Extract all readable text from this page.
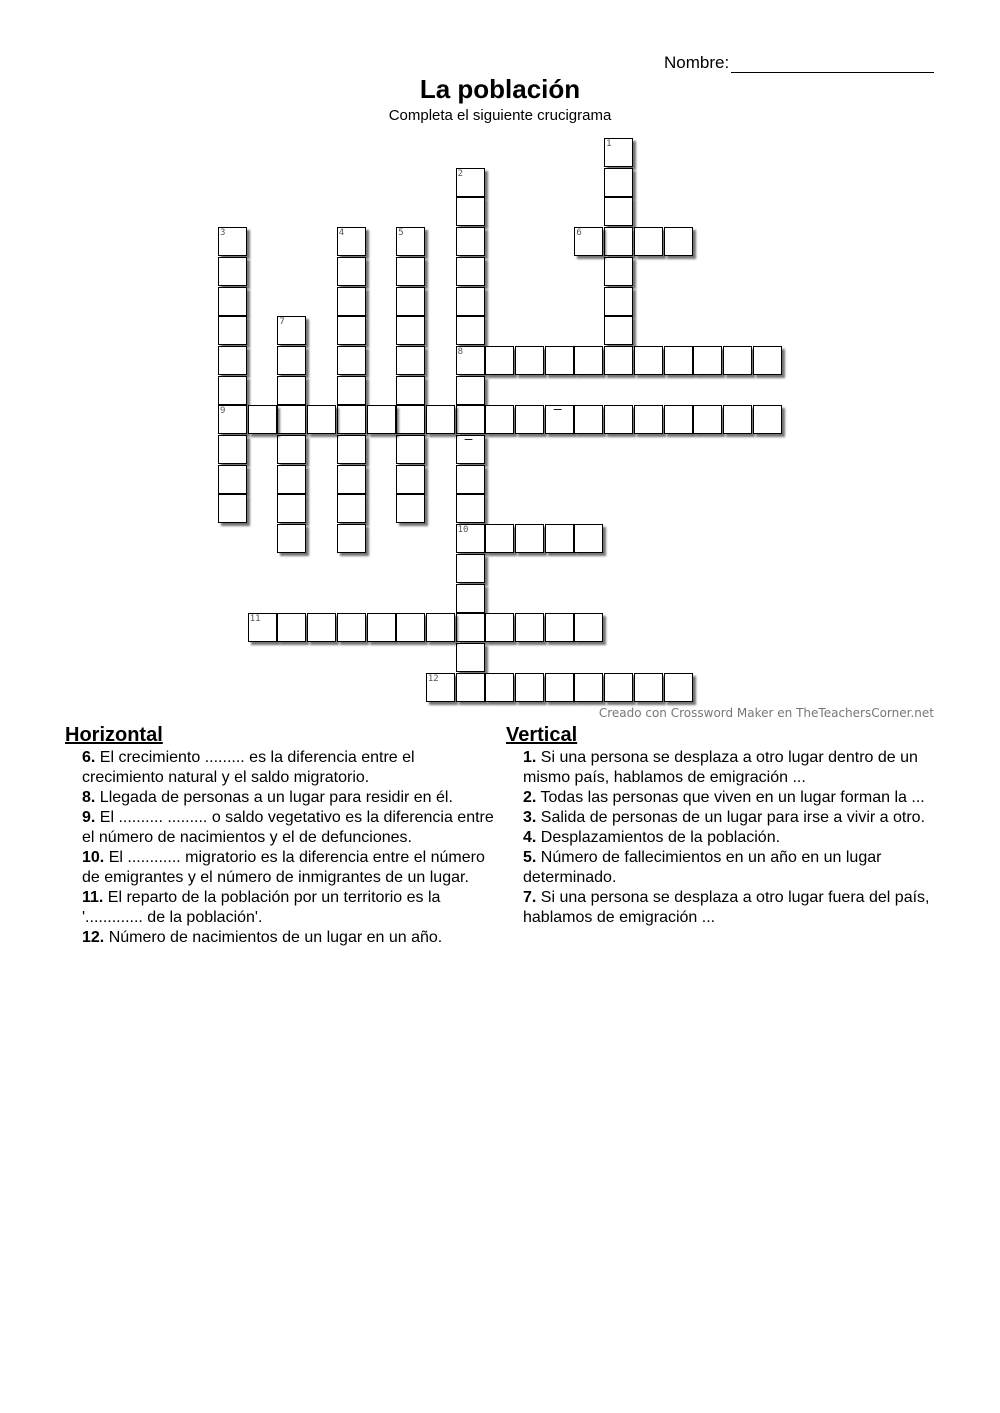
Nombre:
La población
Completa el siguiente crucigrama
1
2
3	4	5	6
7
8
9
10
11
12
–
–
Creado con Crossword Maker en TheTeachersCorner.net
Horizontal
6. El crecimiento ......... es la diferencia entre el crecimiento natural y el saldo migratorio.
8. Llegada de personas a un lugar para residir en él.
9. El .......... ......... o saldo vegetativo es la diferencia entre el número de nacimientos y el de defunciones.
10. El ............ migratorio es la diferencia entre el número de emigrantes y el número de inmigrantes de un lugar.
11. El reparto de la población por un territorio es la '............. de la población'.
12. Número de nacimientos de un lugar en un año.
Vertical
1. Si una persona se desplaza a otro lugar dentro de un mismo país, hablamos de emigración ...
2. Todas las personas que viven en un lugar forman la ...
3. Salida de personas de un lugar para irse a vivir a otro.
4. Desplazamientos de la población.
5. Número de fallecimientos en un año en un lugar determinado.
7. Si una persona se desplaza a otro lugar fuera del país, hablamos de emigración ...
